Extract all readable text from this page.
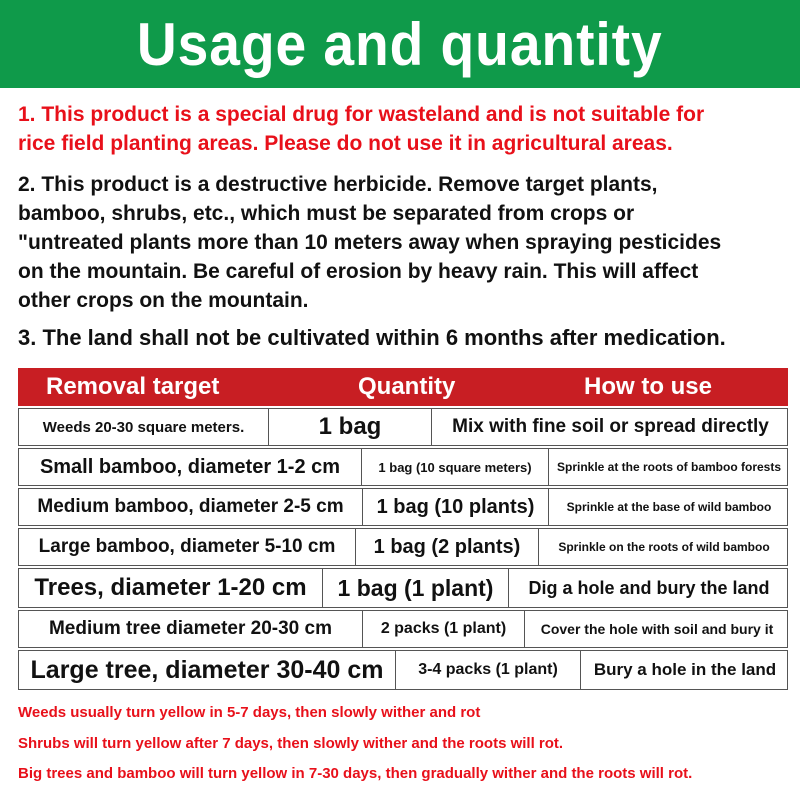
Usage and quantity
1. This product is a special drug for wasteland and is not suitable for
rice field planting areas. Please do not use it in agricultural areas.
2. This product is a destructive herbicide. Remove target plants,
bamboo, shrubs, etc., which must be separated from crops or
"untreated plants more than 10 meters away when spraying pesticides
on the mountain. Be careful of erosion by heavy rain. This will affect
other crops on the mountain.
3. The land shall not be cultivated within 6 months after medication.
Removal target	Quantity	How to use
Weeds 20-30 square meters.	1 bag	Mix with fine soil or spread directly
Small bamboo, diameter 1-2 cm	1 bag (10 square meters)	Sprinkle at the roots of bamboo forests
Medium bamboo, diameter 2-5 cm	1 bag (10 plants)	Sprinkle at the base of wild bamboo
Large bamboo, diameter 5-10 cm	1 bag (2 plants)	Sprinkle on the roots of wild bamboo
Trees, diameter 1-20 cm	1 bag (1 plant)	Dig a hole and bury the land
Medium tree diameter 20-30 cm	2 packs (1 plant)	Cover the hole with soil and bury it
Large tree, diameter 30-40 cm	3-4 packs (1 plant)	Bury a hole in the land
Weeds usually turn yellow in 5-7 days, then slowly wither and rot
Shrubs will turn yellow after 7 days, then slowly wither and the roots will rot.
Big trees and bamboo will turn yellow in 7-30 days, then gradually wither and the roots will rot.
